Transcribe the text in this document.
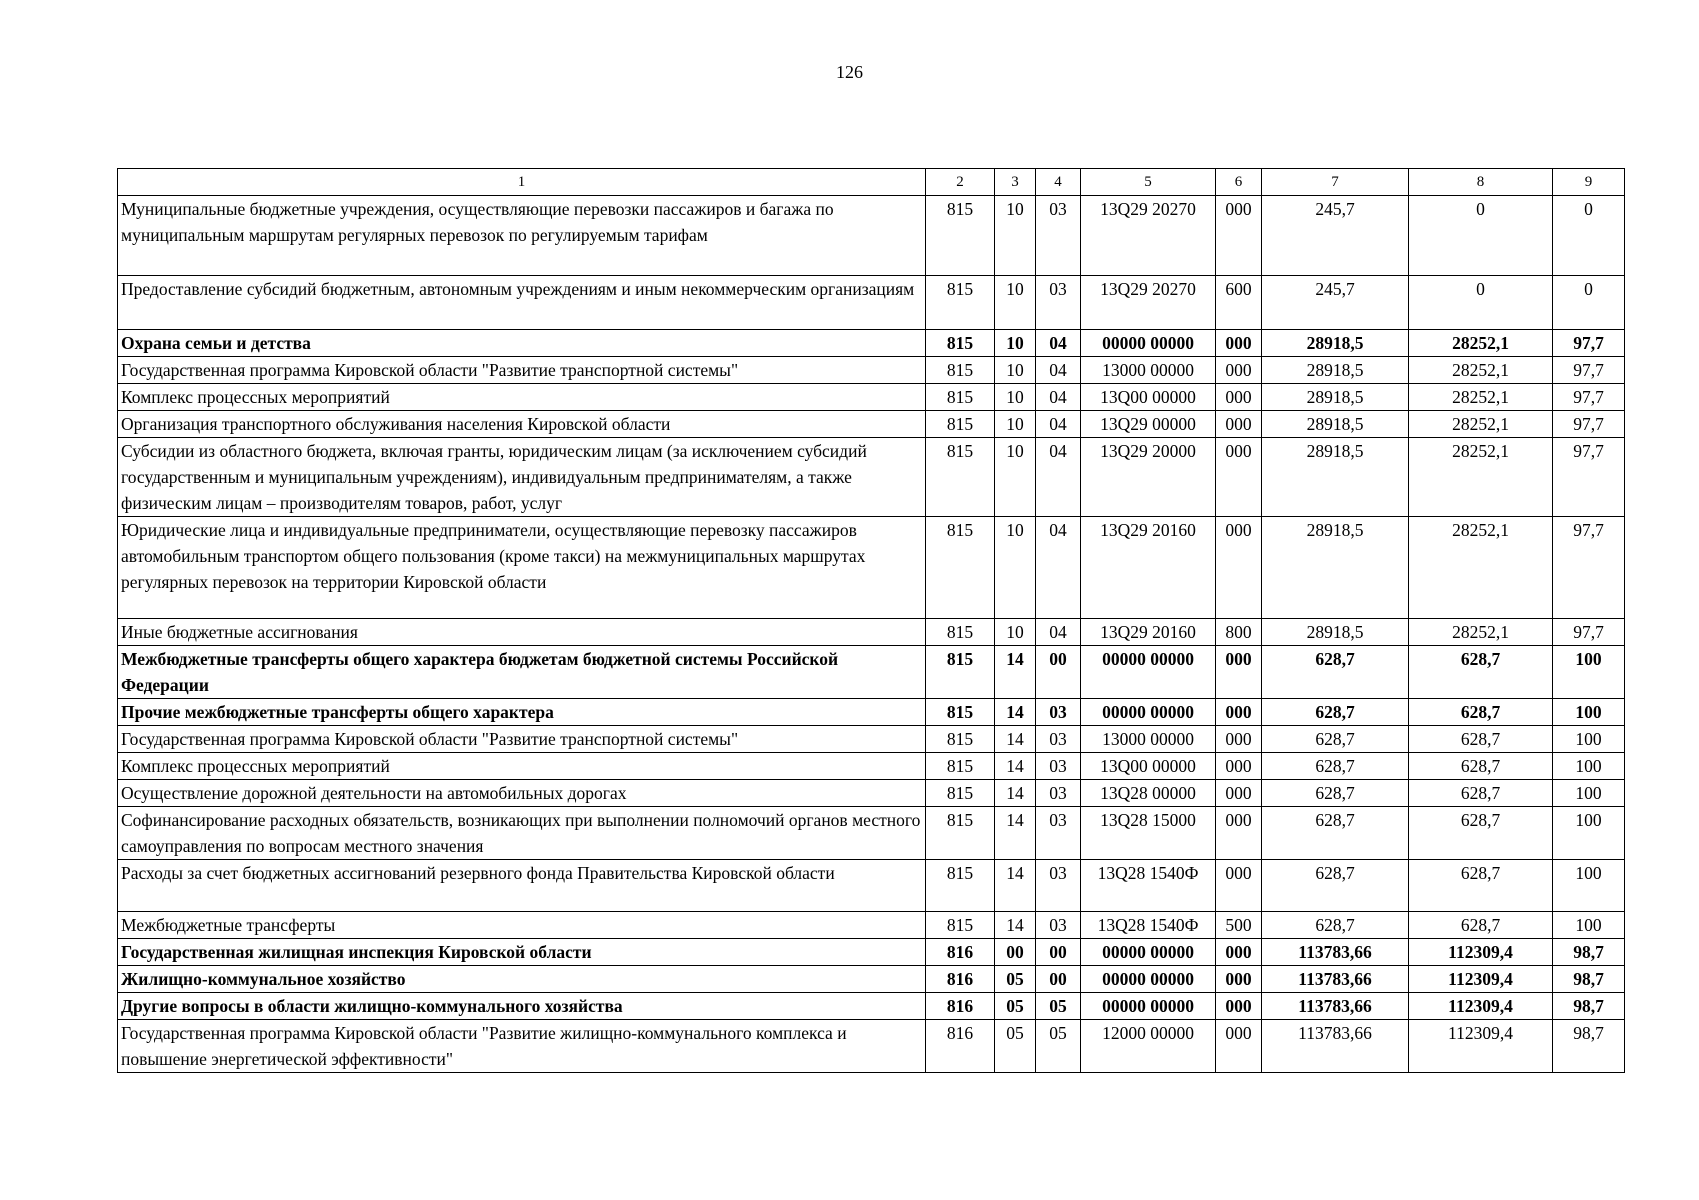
126
1	2	3	4	5	6	7	8	9
Муниципальные бюджетные учреждения, осуществляющие перевозки пассажиров и багажа по муниципальным маршрутам регулярных перевозок по регулируемым тарифам	815	10	03	13Q29 20270	000	245,7	0	0
Предоставление субсидий бюджетным, автономным учреждениям и иным некоммерческим организациям	815	10	03	13Q29 20270	600	245,7	0	0
Охрана семьи и детства	815	10	04	00000 00000	000	28918,5	28252,1	97,7
Государственная программа Кировской области "Развитие транспортной системы"	815	10	04	13000 00000	000	28918,5	28252,1	97,7
Комплекс процессных мероприятий	815	10	04	13Q00 00000	000	28918,5	28252,1	97,7
Организация транспортного обслуживания населения Кировской области	815	10	04	13Q29 00000	000	28918,5	28252,1	97,7
Субсидии из областного бюджета, включая гранты, юридическим лицам (за исключением субсидий государственным и муниципальным учреждениям), индивидуальным предпринимателям, а также физическим лицам – производителям товаров, работ, услуг	815	10	04	13Q29 20000	000	28918,5	28252,1	97,7
Юридические лица и индивидуальные предприниматели, осуществляющие перевозку пассажиров автомобильным транспортом общего пользования (кроме такси) на межмуниципальных маршрутах регулярных перевозок на территории Кировской области	815	10	04	13Q29 20160	000	28918,5	28252,1	97,7
Иные бюджетные ассигнования	815	10	04	13Q29 20160	800	28918,5	28252,1	97,7
Межбюджетные трансферты общего характера бюджетам бюджетной системы Российской Федерации	815	14	00	00000 00000	000	628,7	628,7	100
Прочие межбюджетные трансферты общего характера	815	14	03	00000 00000	000	628,7	628,7	100
Государственная программа Кировской области "Развитие транспортной системы"	815	14	03	13000 00000	000	628,7	628,7	100
Комплекс процессных мероприятий	815	14	03	13Q00 00000	000	628,7	628,7	100
Осуществление дорожной деятельности на автомобильных дорогах	815	14	03	13Q28 00000	000	628,7	628,7	100
Софинансирование расходных обязательств, возникающих при выполнении полномочий органов местного самоуправления по вопросам местного значения	815	14	03	13Q28 15000	000	628,7	628,7	100
Расходы за счет бюджетных ассигнований резервного фонда Правительства Кировской области	815	14	03	13Q28 1540Ф	000	628,7	628,7	100
Межбюджетные трансферты	815	14	03	13Q28 1540Ф	500	628,7	628,7	100
Государственная жилищная инспекция Кировской области	816	00	00	00000 00000	000	113783,66	112309,4	98,7
Жилищно-коммунальное хозяйство	816	05	00	00000 00000	000	113783,66	112309,4	98,7
Другие вопросы в области жилищно-коммунального хозяйства	816	05	05	00000 00000	000	113783,66	112309,4	98,7
Государственная программа Кировской области "Развитие жилищно-коммунального комплекса и повышение энергетической эффективности"	816	05	05	12000 00000	000	113783,66	112309,4	98,7
